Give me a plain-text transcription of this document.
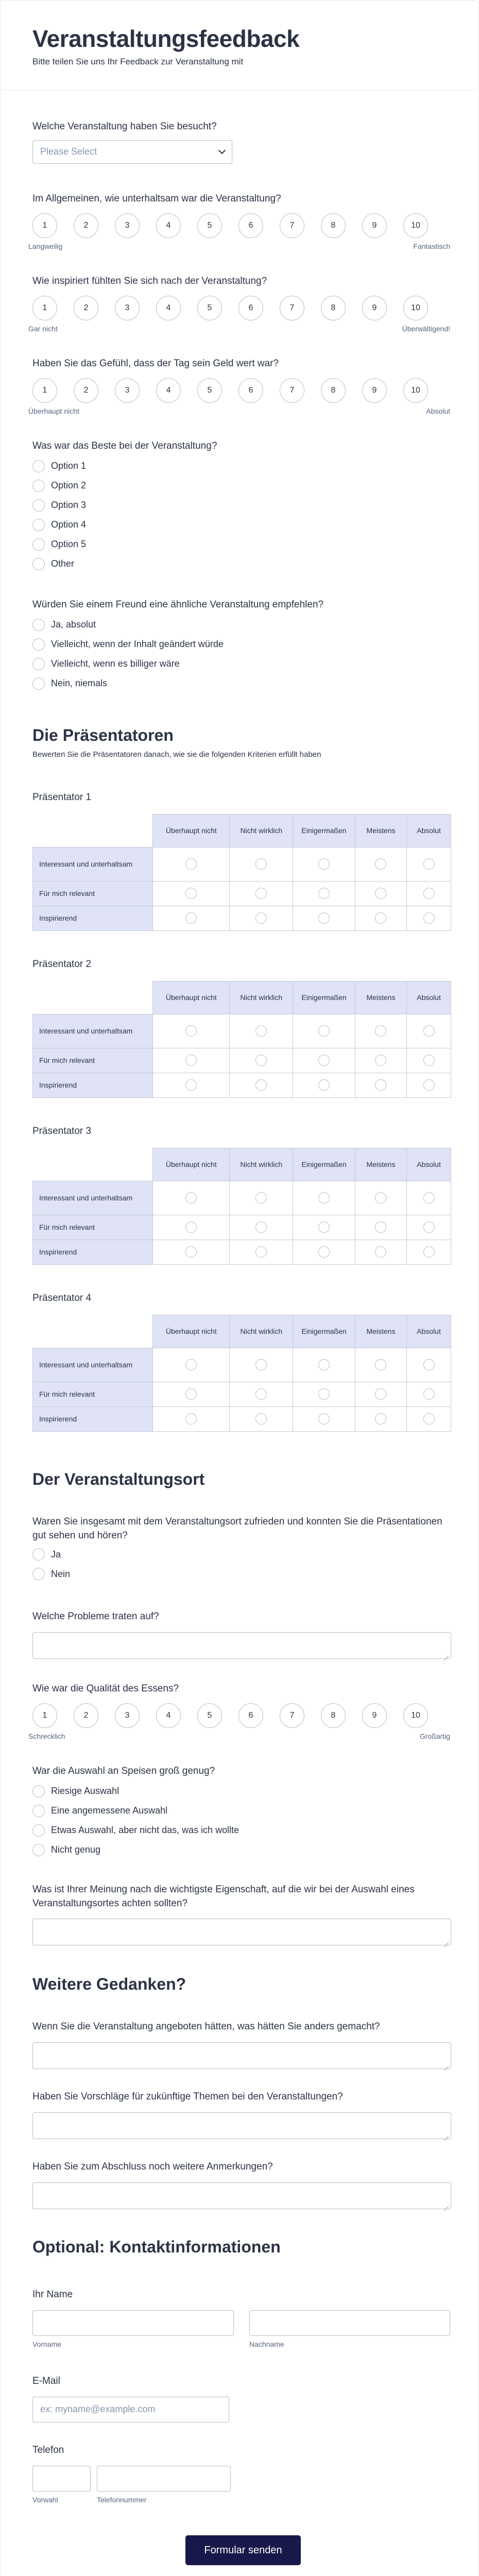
Veranstaltungsfeedback
Bitte teilen Sie uns Ihr Feedback zur Veranstaltung mit
Welche Veranstaltung haben Sie besucht?
Please Select
Im Allgemeinen, wie unterhaltsam war die Veranstaltung?
1	2	3	4	5	6	7	8	9	10
Langweilig	Fantastisch
Wie inspiriert fühlten Sie sich nach der Veranstaltung?
1	2	3	4	5	6	7	8	9	10
Gar nicht	Überwältigend!
Haben Sie das Gefühl, dass der Tag sein Geld wert war?
1	2	3	4	5	6	7	8	9	10
Überhaupt nicht	Absolut
Was war das Beste bei der Veranstaltung?
Option 1
Option 2
Option 3
Option 4
Option 5
Other
Würden Sie einem Freund eine ähnliche Veranstaltung empfehlen?
Ja, absolut
Vielleicht, wenn der Inhalt geändert würde
Vielleicht, wenn es billiger wäre
Nein, niemals
Die Präsentatoren
Bewerten Sie die Präsentatoren danach, wie sie die folgenden Kriterien erfüllt haben
Präsentator 1
	Überhaupt nicht	Nicht wirklich	Einigermaßen	Meistens	Absolut
Interessant und unterhaltsam					
Für mich relevant					
Inspirierend					
Präsentator 2
	Überhaupt nicht	Nicht wirklich	Einigermaßen	Meistens	Absolut
Interessant und unterhaltsam					
Für mich relevant					
Inspirierend					
Präsentator 3
	Überhaupt nicht	Nicht wirklich	Einigermaßen	Meistens	Absolut
Interessant und unterhaltsam					
Für mich relevant					
Inspirierend					
Präsentator 4
	Überhaupt nicht	Nicht wirklich	Einigermaßen	Meistens	Absolut
Interessant und unterhaltsam					
Für mich relevant					
Inspirierend					
Der Veranstaltungsort
Waren Sie insgesamt mit dem Veranstaltungsort zufrieden und konnten Sie die Präsentationen gut sehen und hören?
Ja
Nein
Welche Probleme traten auf?
Wie war die Qualität des Essens?
1	2	3	4	5	6	7	8	9	10
Schrecklich	Großartig
War die Auswahl an Speisen groß genug?
Riesige Auswahl
Eine angemessene Auswahl
Etwas Auswahl, aber nicht das, was ich wollte
Nicht genug
Was ist Ihrer Meinung nach die wichtigste Eigenschaft, auf die wir bei der Auswahl eines Veranstaltungsortes achten sollten?
Weitere Gedanken?
Wenn Sie die Veranstaltung angeboten hätten, was hätten Sie anders gemacht?
Haben Sie Vorschläge für zukünftige Themen bei den Veranstaltungen?
Haben Sie zum Abschluss noch weitere Anmerkungen?
Optional: Kontaktinformationen
Ihr Name
Vorname	Nachname
E-Mail
ex: myname@example.com
Telefon
Vorwahl	Telefonnummer
Formular senden
